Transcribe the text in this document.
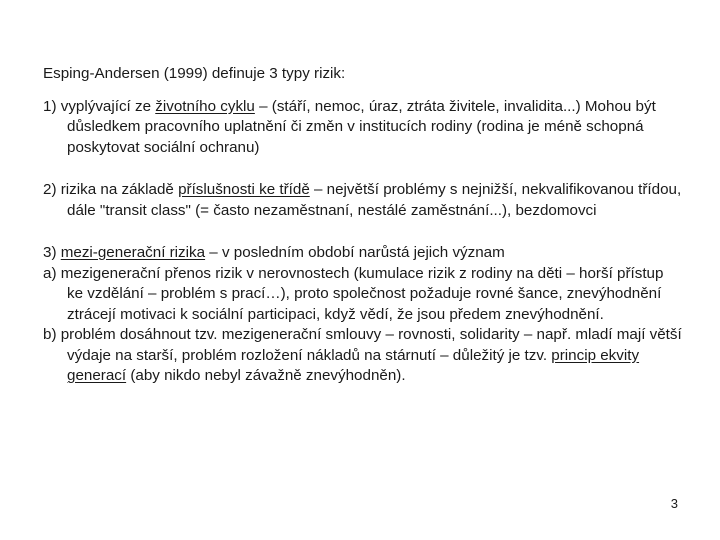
Esping-Andersen (1999) definuje 3 typy rizik:

1) vyplývající ze životního cyklu – (stáří, nemoc, úraz, ztráta živitele, invalidita...) Mohou být důsledkem pracovního uplatnění či změn v institucích rodiny (rodina je méně schopná poskytovat sociální ochranu)

2) rizika na základě příslušnosti ke třídě – největší problémy s nejnižší, nekvalifikovanou třídou, dále "transit class" (= často nezaměstnaní, nestálé zaměstnání...), bezdomovci

3) mezi-generační rizika – v posledním období narůstá jejich význam

a) mezigenerační přenos rizik v nerovnostech (kumulace rizik z rodiny na děti – horší přístup ke vzdělání – problém s prací…), proto společnost požaduje rovné šance, znevýhodnění ztrácejí motivaci k sociální participaci, když vědí, že jsou předem znevýhodnění.

b) problém dosáhnout tzv. mezigenerační smlouvy – rovnosti, solidarity – např. mladí mají větší výdaje na starší, problém rozložení nákladů na stárnutí – důležitý je tzv. princip ekvity generací (aby nikdo nebyl závažně znevýhodněn).

3
